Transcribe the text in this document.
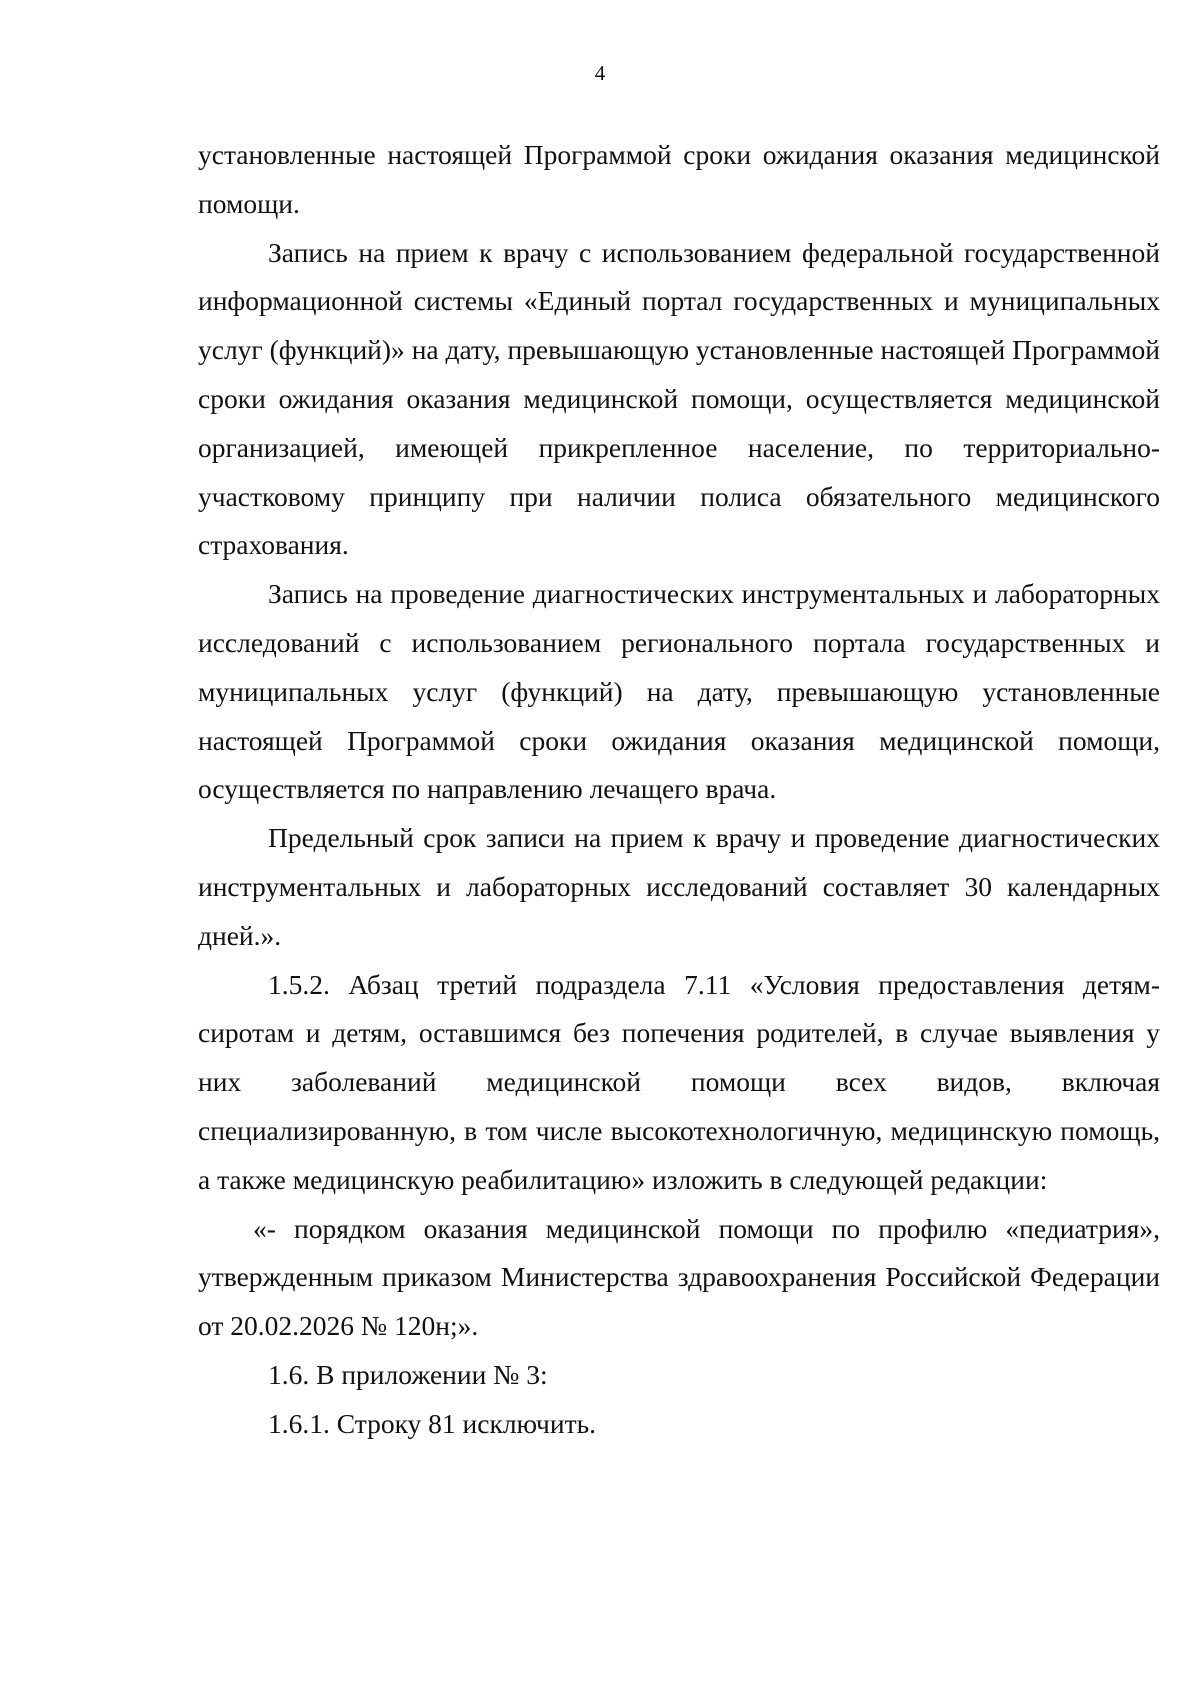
4

установленные настоящей Программой сроки ожидания оказания медицинской помощи.

Запись на прием к врачу с использованием федеральной государственной информационной системы «Единый портал государственных и муниципальных услуг (функций)» на дату, превышающую установленные настоящей Программой сроки ожидания оказания медицинской помощи, осуществляется медицинской организацией, имеющей прикрепленное население, по территориально-участковому принципу при наличии полиса обязательного медицинского страхования.

Запись на проведение диагностических инструментальных и лабораторных исследований с использованием регионального портала государственных и муниципальных услуг (функций) на дату, превышающую установленные настоящей Программой сроки ожидания оказания медицинской помощи, осуществляется по направлению лечащего врача.

Предельный срок записи на прием к врачу и проведение диагностических инструментальных и лабораторных исследований составляет 30 календарных дней.».

1.5.2. Абзац третий подраздела 7.11 «Условия предоставления детям-сиротам и детям, оставшимся без попечения родителей, в случае выявления у них заболеваний медицинской помощи всех видов, включая специализированную, в том числе высокотехнологичную, медицинскую помощь, а также медицинскую реабилитацию» изложить в следующей редакции:

«- порядком оказания медицинской помощи по профилю «педиатрия», утвержденным приказом Министерства здравоохранения Российской Федерации от 20.02.2026 № 120н;».

1.6. В приложении № 3:

1.6.1. Строку 81 исключить.
